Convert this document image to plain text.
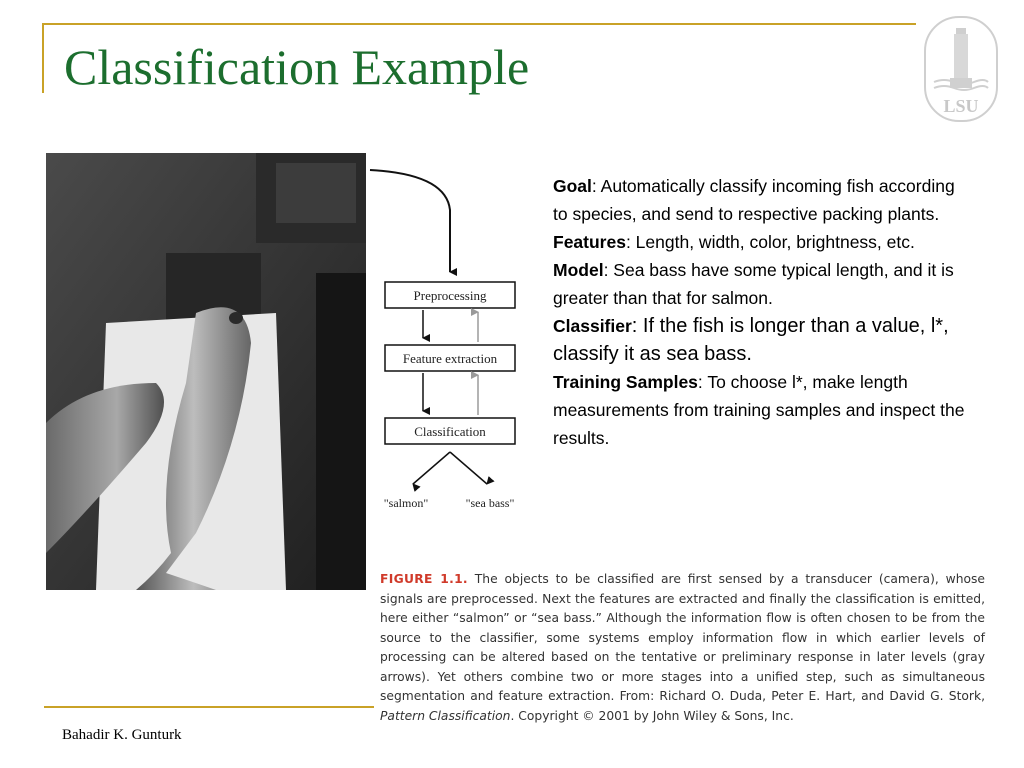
Classification Example
LSU
Preprocessing
Feature extraction
Classification
"salmon"	"sea bass"

Goal: Automatically classify incoming fish according to species, and send to respective packing plants.

Features: Length, width, color, brightness, etc.

Model: Sea bass have some typical length, and it is greater than that for salmon.

Classifier: If the fish is longer than a value, l*, classify it as sea bass.

Training Samples: To choose l*, make length measurements from training samples and inspect the results.

FIGURE 1.1. The objects to be classified are first sensed by a transducer (camera), whose signals are preprocessed. Next the features are extracted and finally the classification is emitted, here either “salmon” or “sea bass.” Although the information flow is often chosen to be from the source to the classifier, some systems employ information flow in which earlier levels of processing can be altered based on the tentative or preliminary response in later levels (gray arrows). Yet others combine two or more stages into a unified step, such as simultaneous segmentation and feature extraction. From: Richard O. Duda, Peter E. Hart, and David G. Stork, Pattern Classification. Copyright © 2001 by John Wiley & Sons, Inc.
Bahadir K. Gunturk
